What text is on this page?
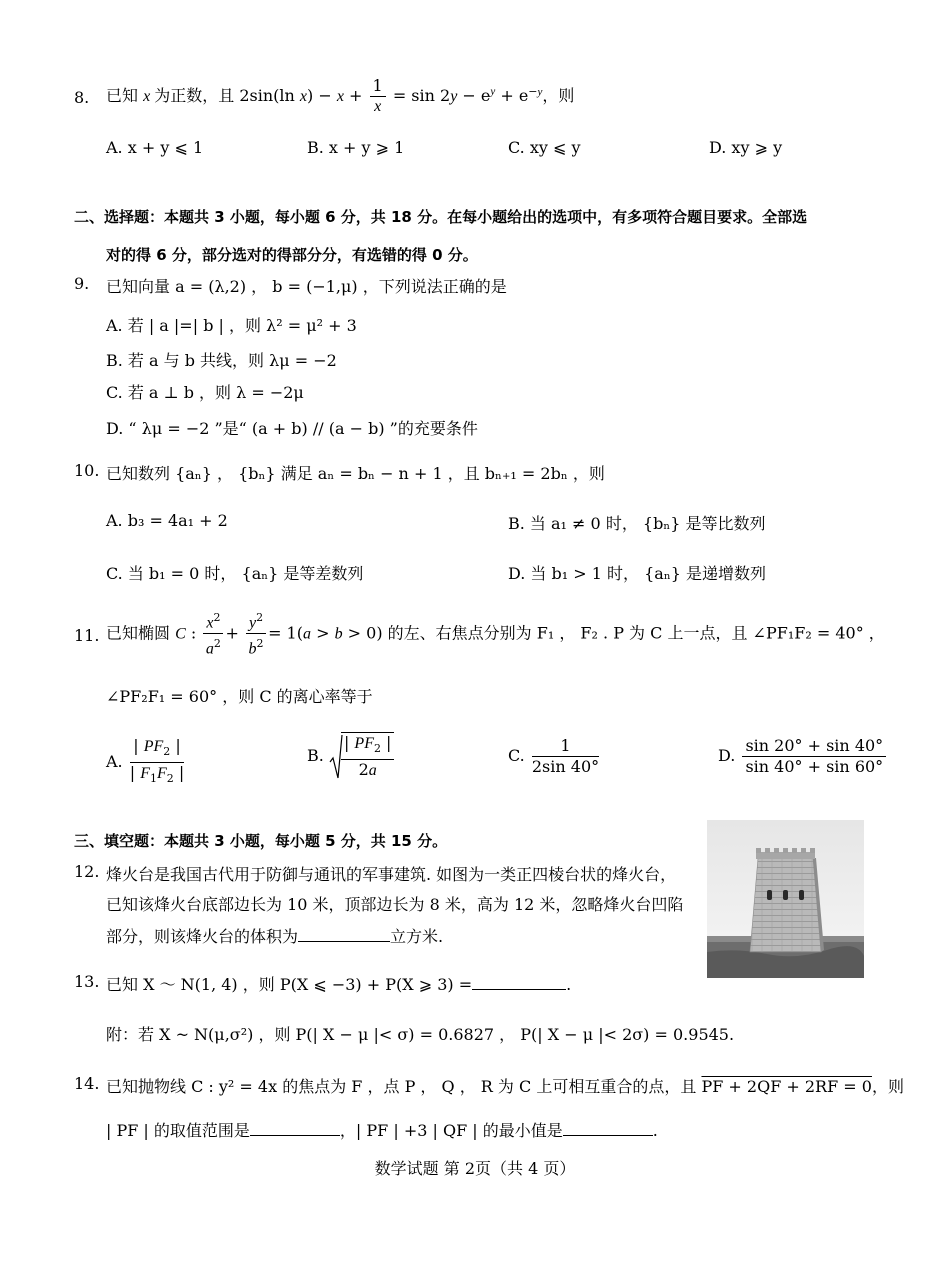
8. 已知 x 为正数，且 2sin(ln $x) - x + \frac{1}{x} = \sin 2y - e^y + e^{-y}$，则
A. x + y ⩽ 1	B. x + y ⩾ 1	C. xy ⩽ y	D. xy ⩾ y
二、选择题：本题共 3 小题，每小题 6 分，共 18 分。在每小题给出的选项中，有多项符合题目要求。全部选
对的得 6 分，部分选对的得部分分，有选错的得 0 分。
9. 已知向量 a = (λ,2) ， b = (−1,μ) ，下列说法正确的是
A. 若 | a |=| b | ，则 λ² = μ² + 3
B. 若 a 与 b 共线，则 λμ = −2
C. 若 a ⊥ b ，则 λ = −2μ
D. “ λμ = −2 ”是“ (a + b) // (a − b) ”的充要条件
10. 已知数列 {aₙ} ， {bₙ} 满足 aₙ = bₙ − n + 1 ，且 bₙ₊₁ = 2bₙ ，则
A. b₃ = 4a₁ + 2	B. 当 a₁ ≠ 0 时， {bₙ} 是等比数列
C. 当 b₁ = 0 时， {aₙ} 是等差数列	D. 当 b₁ > 1 时， {aₙ} 是递增数列
11. 已知椭圆 C : $\frac{x^2}{a^2} + \frac{y^2}{b^2} = 1(a > b > 0)$ 的左、右焦点分别为 F₁ ， F₂ . P 为 C 上一点，且 ∠PF₁F₂ = 40° ，
∠PF₂F₁ = 60° ，则 C 的离心率等于
A. $\frac{| PF_2 |}{| F_1F_2 |}$	B. $\frac{| PF_2 |}{2a}$	C. $\frac{1}{2\sin 40^\circ}$	D. $\frac{\sin 20^\circ + \sin 40^\circ}{\sin 40^\circ + \sin 60^\circ}$
三、填空题：本题共 3 小题，每小题 5 分，共 15 分。
12. 烽火台是我国古代用于防御与通讯的军事建筑. 如图为一类正四棱台状的烽火台，
已知该烽火台底部边长为 10 米，顶部边长为 8 米，高为 12 米，忽略烽火台凹陷
部分，则该烽火台的体积为	立方米.
13. 已知 X ～ N(1, 4) ，则 P(X ⩽ −3) + P(X ⩾ 3) =	.
附：若 X ~ N(μ,σ²) ，则 P(| X − μ |< σ) = 0.6827 ， P(| X − μ |< 2σ) = 0.9545.
14. 已知抛物线 C : y² = 4x 的焦点为 F ，点 P ， Q ， R 为 C 上可相互重合的点，且 PF + 2QF + 2RF = 0，则
| PF | 的取值范围是	，| PF | +3 | QF | 的最小值是	.
数学试题 第 2页（共 4 页）
